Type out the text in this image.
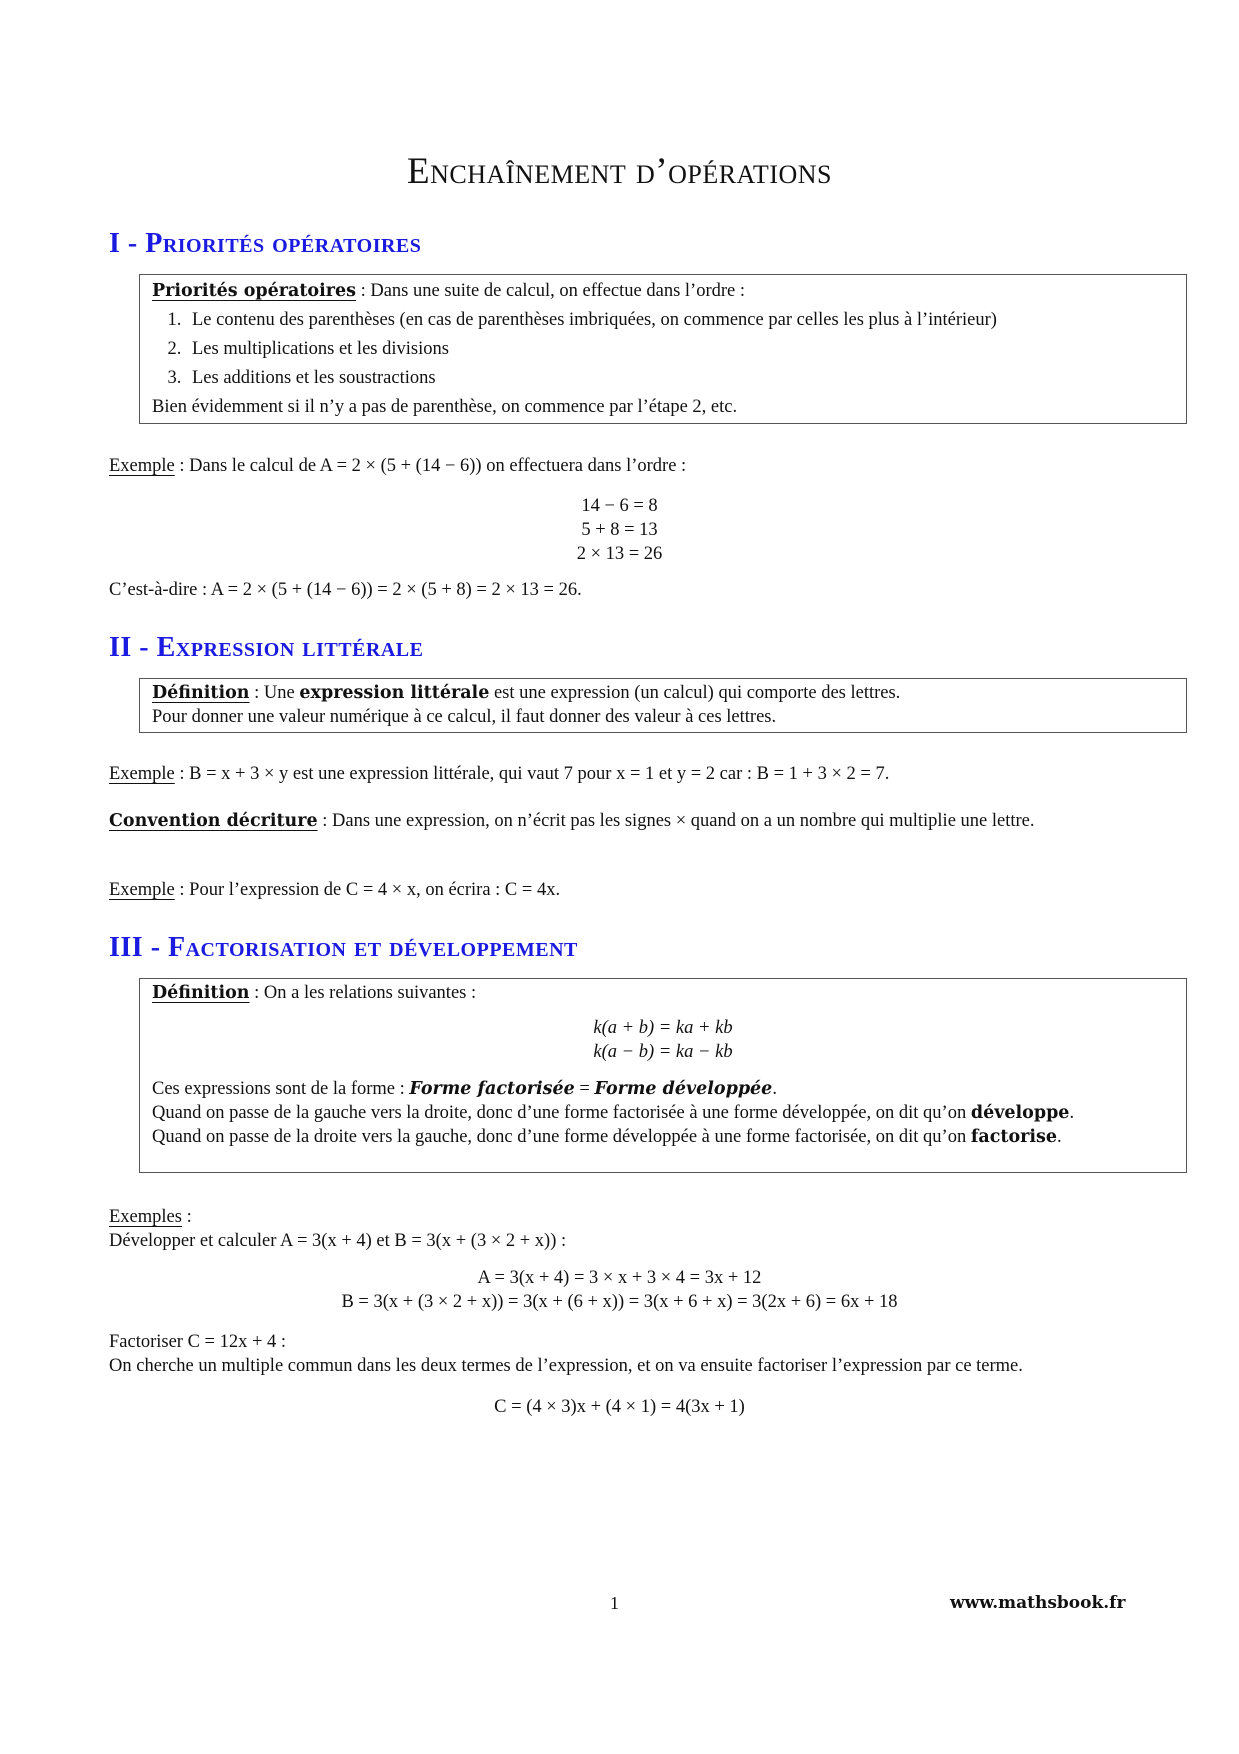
Enchaînement d’opérations
I - Priorités opératoires
Priorités opératoires : Dans une suite de calcul, on effectue dans l’ordre :
1. Le contenu des parenthèses (en cas de parenthèses imbriquées, on commence par celles les plus à l’intérieur)
2. Les multiplications et les divisions
3. Les additions et les soustractions
Bien évidemment si il n’y a pas de parenthèse, on commence par l’étape 2, etc.
Exemple : Dans le calcul de A = 2 × (5 + (14 − 6)) on effectuera dans l’ordre :
14 − 6 = 8
5 + 8 = 13
2 × 13 = 26
C’est-à-dire : A = 2 × (5 + (14 − 6)) = 2 × (5 + 8) = 2 × 13 = 26.
II - Expression littérale
Définition : Une expression littérale est une expression (un calcul) qui comporte des lettres.
Pour donner une valeur numérique à ce calcul, il faut donner des valeur à ces lettres.
Exemple : B = x + 3 × y est une expression littérale, qui vaut 7 pour x = 1 et y = 2 car : B = 1 + 3 × 2 = 7.
Convention décriture : Dans une expression, on n’écrit pas les signes × quand on a un nombre qui multiplie une lettre.
Exemple : Pour l’expression de C = 4 × x, on écrira : C = 4x.
III - Factorisation et développement
Définition : On a les relations suivantes :
k(a + b) = ka + kb
k(a − b) = ka − kb
Ces expressions sont de la forme : Forme factorisée = Forme développée.
Quand on passe de la gauche vers la droite, donc d’une forme factorisée à une forme développée, on dit qu’on développe.
Quand on passe de la droite vers la gauche, donc d’une forme développée à une forme factorisée, on dit qu’on factorise.
Exemples :
Développer et calculer A = 3(x + 4) et B = 3(x + (3 × 2 + x)) :
A = 3(x + 4) = 3 × x + 3 × 4 = 3x + 12
B = 3(x + (3 × 2 + x)) = 3(x + (6 + x)) = 3(x + 6 + x) = 3(2x + 6) = 6x + 18
Factoriser C = 12x + 4 :
On cherche un multiple commun dans les deux termes de l’expression, et on va ensuite factoriser l’expression par ce terme.
C = (4 × 3)x + (4 × 1) = 4(3x + 1)
1	www.mathsbook.fr
